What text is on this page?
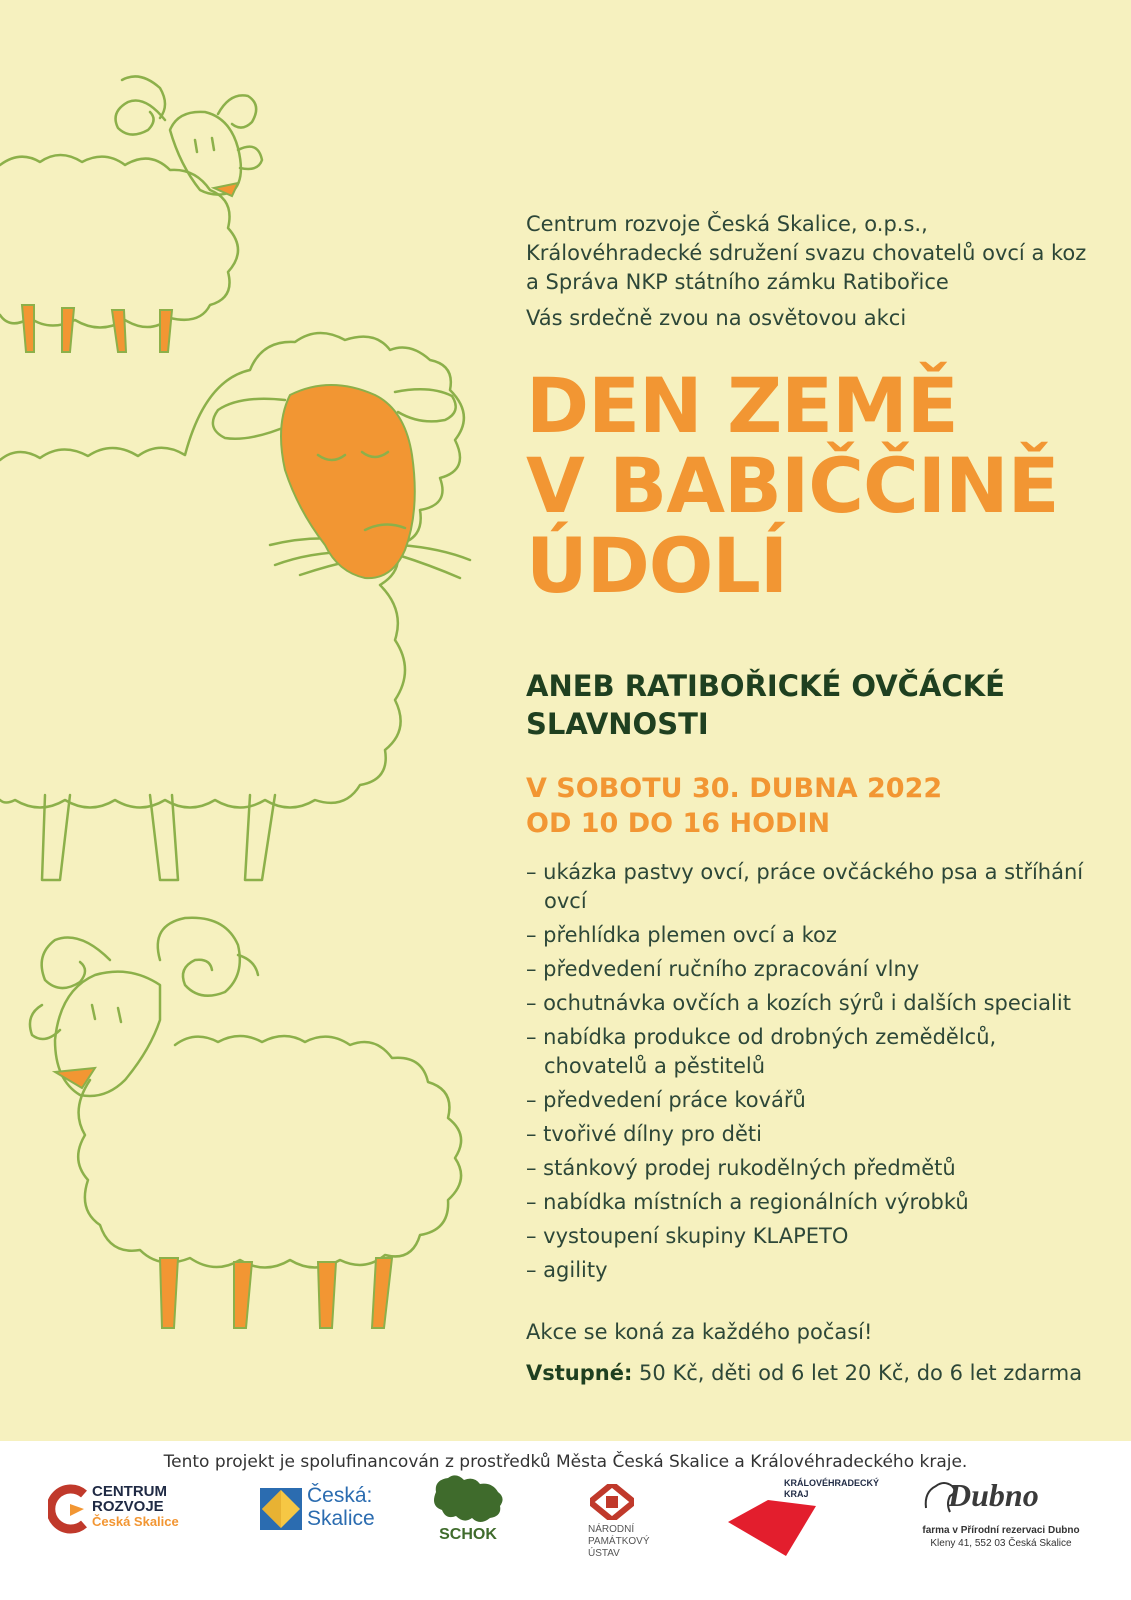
Centrum rozvoje Česká Skalice, o.p.s.,

Královéhradecké sdružení svazu chovatelů ovcí a koz

a Správa NKP státního zámku Ratibořice

Vás srdečně zvou na osvětovou akci
DEN ZEMĚ
V BABIČČINĚ
ÚDOLÍ
ANEB RATIBOŘICKÉ OVČÁCKÉ
SLAVNOSTI
V SOBOTU 30. DUBNA 2022
OD 10 DO 16 HODIN
– ukázka pastvy ovcí, práce ovčáckého psa a stříhání ovcí
– přehlídka plemen ovcí a koz
– předvedení ručního zpracování vlny
– ochutnávka ovčích a kozích sýrů i dalších specialit
– nabídka produkce od drobných zemědělců, chovatelů a pěstitelů
– předvedení práce kovářů
– tvořivé dílny pro děti
– stánkový prodej rukodělných předmětů
– nabídka místních a regionálních výrobků
– vystoupení skupiny KLAPETO
– agility
Akce se koná za každého počasí!
Vstupné: 50 Kč, děti od 6 let 20 Kč, do 6 let zdarma
Tento projekt je spolufinancován z prostředků Města Česká Skalice a Královéhradeckého kraje.
CENTRUM
ROZVOJE
Česká Skalice
Česká:
Skalice
SCHOK	NÁRODNÍ
PAMÁTKOVÝ
ÚSTAV
KRÁLOVÉHRADECKÝ
KRAJ	Dubno
farma v Přírodní rezervaci Dubno
Kleny 41, 552 03 Česká Skalice
